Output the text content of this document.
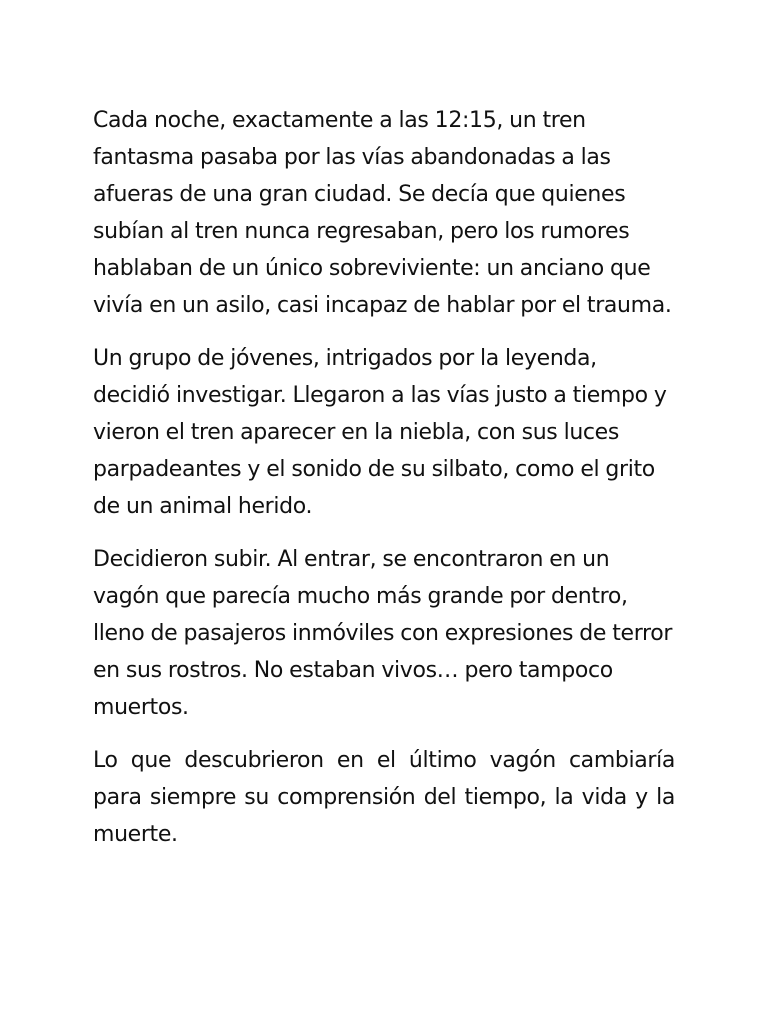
Cada noche, exactamente a las 12:15, un tren fantasma pasaba por las vías abandonadas a las afueras de una gran ciudad. Se decía que quienes subían al tren nunca regresaban, pero los rumores hablaban de un único sobreviviente: un anciano que vivía en un asilo, casi incapaz de hablar por el trauma.

Un grupo de jóvenes, intrigados por la leyenda, decidió investigar. Llegaron a las vías justo a tiempo y vieron el tren aparecer en la niebla, con sus luces parpadeantes y el sonido de su silbato, como el grito de un animal herido.

Decidieron subir. Al entrar, se encontraron en un vagón que parecía mucho más grande por dentro, lleno de pasajeros inmóviles con expresiones de terror en sus rostros. No estaban vivos… pero tampoco muertos.

Lo que descubrieron en el último vagón cambiaría para siempre su comprensión del tiempo, la vida y la muerte.
